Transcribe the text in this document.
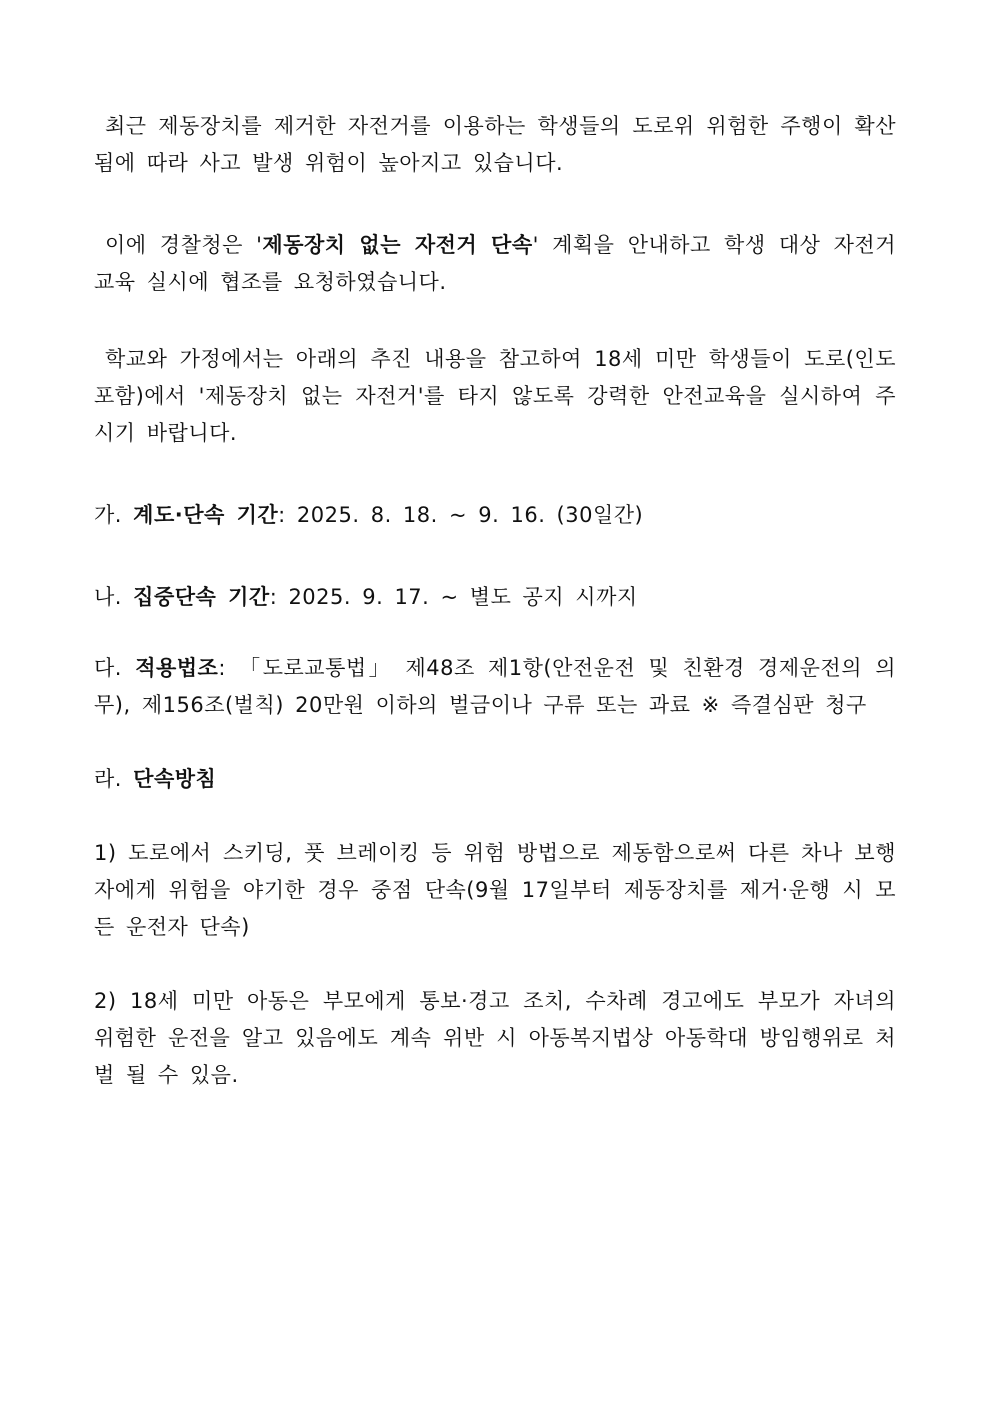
최근 제동장치를 제거한 자전거를 이용하는 학생들의 도로위 위험한 주행이 확산됨에 따라 사고 발생 위험이 높아지고 있습니다.

이에 경찰청은 '제동장치 없는 자전거 단속' 계획을 안내하고 학생 대상 자전거 교육 실시에 협조를 요청하였습니다.

학교와 가정에서는 아래의 추진 내용을 참고하여 18세 미만 학생들이 도로(인도 포함)에서 '제동장치 없는 자전거'를 타지 않도록 강력한 안전교육을 실시하여 주시기 바랍니다.

가. 계도·단속 기간: 2025. 8. 18. ~ 9. 16. (30일간)

나. 집중단속 기간: 2025. 9. 17. ~ 별도 공지 시까지

다. 적용법조: 「도로교통법」 제48조 제1항(안전운전 및 친환경 경제운전의 의무), 제156조(벌칙) 20만원 이하의 벌금이나 구류 또는 과료 ※ 즉결심판 청구

라. 단속방침

1) 도로에서 스키딩, 풋 브레이킹 등 위험 방법으로 제동함으로써 다른 차나 보행자에게 위험을 야기한 경우 중점 단속(9월 17일부터 제동장치를 제거·운행 시 모든 운전자 단속)

2) 18세 미만 아동은 부모에게 통보·경고 조치, 수차례 경고에도 부모가 자녀의 위험한 운전을 알고 있음에도 계속 위반 시 아동복지법상 아동학대 방임행위로 처벌 될 수 있음.
